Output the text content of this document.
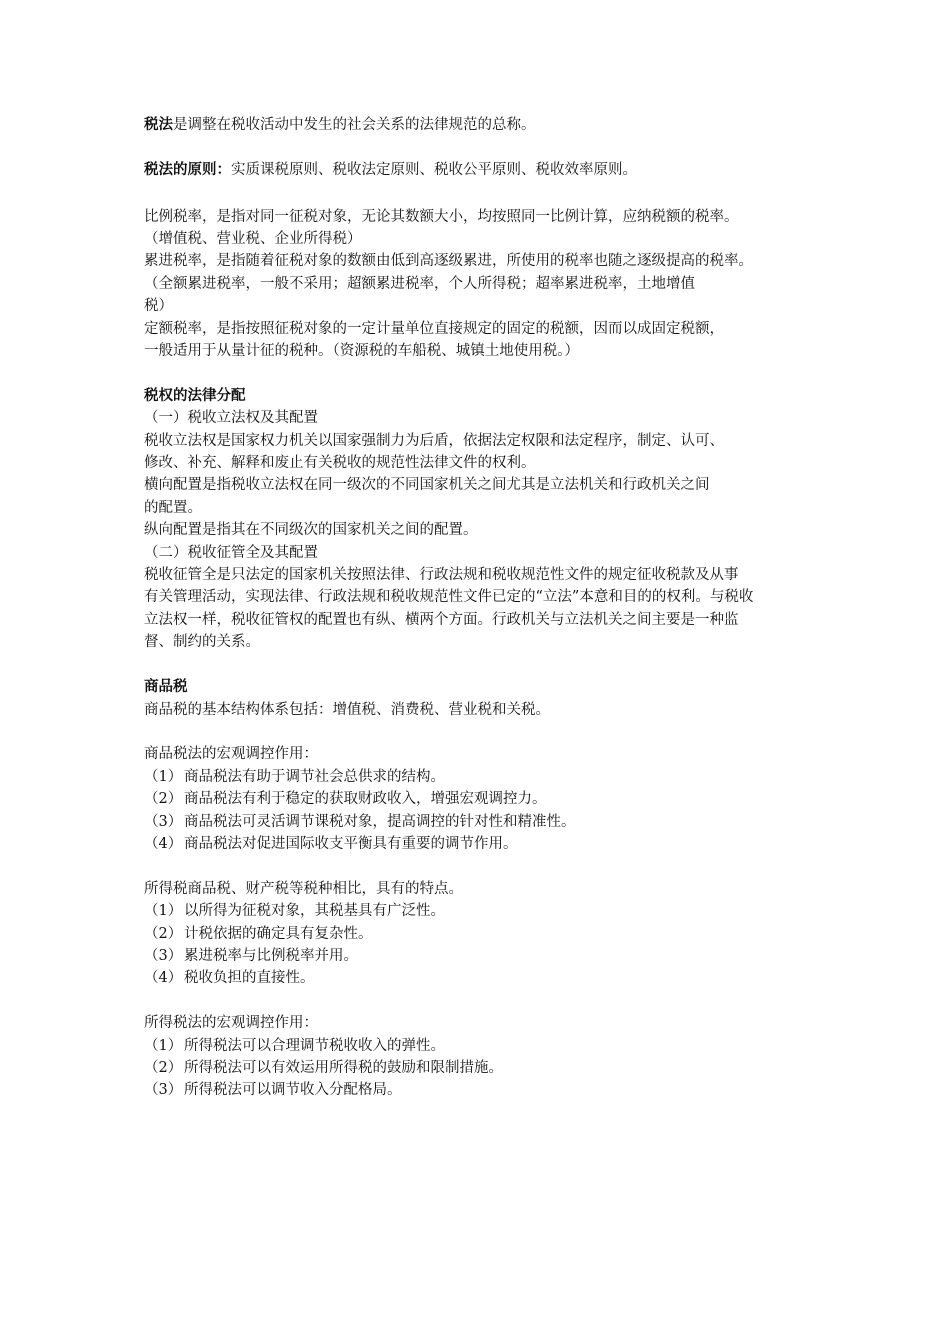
税法是调整在税收活动中发生的社会关系的法律规范的总称。

税法的原则：实质课税原则、税收法定原则、税收公平原则、税收效率原则。

比例税率，是指对同一征税对象，无论其数额大小，均按照同一比例计算，应纳税额的税率。

（增值税、营业税、企业所得税）

累进税率，是指随着征税对象的数额由低到高逐级累进，所使用的税率也随之逐级提高的税率。

（全额累进税率，一般不采用；超额累进税率，个人所得税；超率累进税率，土地增值

税）

定额税率，是指按照征税对象的一定计量单位直接规定的固定的税额，因而以成固定税额，

一般适用于从量计征的税种。（资源税的车船税、城镇土地使用税。）

税权的法律分配

（一）税收立法权及其配置

税收立法权是国家权力机关以国家强制力为后盾，依据法定权限和法定程序，制定、认可、

修改、补充、解释和废止有关税收的规范性法律文件的权利。

横向配置是指税收立法权在同一级次的不同国家机关之间尤其是立法机关和行政机关之间

的配置。

纵向配置是指其在不同级次的国家机关之间的配置。

（二）税收征管全及其配置

税收征管全是只法定的国家机关按照法律、行政法规和税收规范性文件的规定征收税款及从事

有关管理活动，实现法律、行政法规和税收规范性文件已定的“立法”本意和目的的权利。与税收

立法权一样，税收征管权的配置也有纵、横两个方面。行政机关与立法机关之间主要是一种监

督、制约的关系。

商品税

商品税的基本结构体系包括：增值税、消费税、营业税和关税。

商品税法的宏观调控作用：

（1） 商品税法有助于调节社会总供求的结构。

（2） 商品税法有利于稳定的获取财政收入，增强宏观调控力。

（3） 商品税法可灵活调节课税对象，提高调控的针对性和精准性。

（4） 商品税法对促进国际收支平衡具有重要的调节作用。

所得税商品税、财产税等税种相比，具有的特点。

（1） 以所得为征税对象，其税基具有广泛性。

（2） 计税依据的确定具有复杂性。

（3） 累进税率与比例税率并用。

（4） 税收负担的直接性。

所得税法的宏观调控作用：

（1） 所得税法可以合理调节税收收入的弹性。

（2） 所得税法可以有效运用所得税的鼓励和限制措施。

（3） 所得税法可以调节收入分配格局。
